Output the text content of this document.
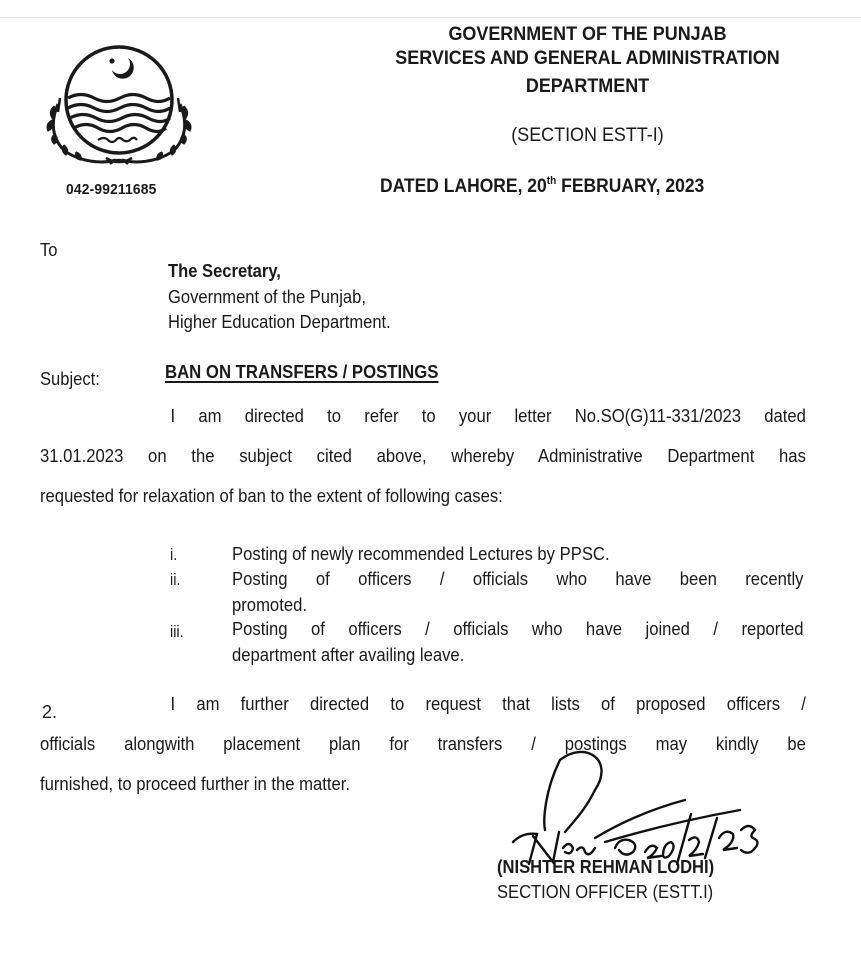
042-99211685
GOVERNMENT OF THE PUNJAB
SERVICES AND GENERAL ADMINISTRATION
DEPARTMENT
(SECTION ESTT-I)
DATED LAHORE, 20th FEBRUARY, 2023
To
The Secretary,
Government of the Punjab,
Higher Education Department.
Subject:	BAN ON TRANSFERS / POSTINGS
I am directed to refer to your letter No.SO(G)11-331/2023 dated
31.01.2023 on the subject cited above, whereby Administrative Department has
requested for relaxation of ban to the extent of following cases:
i.	Posting of newly recommended Lectures by PPSC.
ii.	Posting of officers / officials who have been recently
promoted.
iii.	Posting of officers / officials who have joined / reported
department after availing leave.
2.	I am further directed to request that lists of proposed officers /
officials alongwith placement plan for transfers / postings may kindly be
furnished, to proceed further in the matter.
(NISHTER REHMAN LODHI)
SECTION OFFICER (ESTT.I)
